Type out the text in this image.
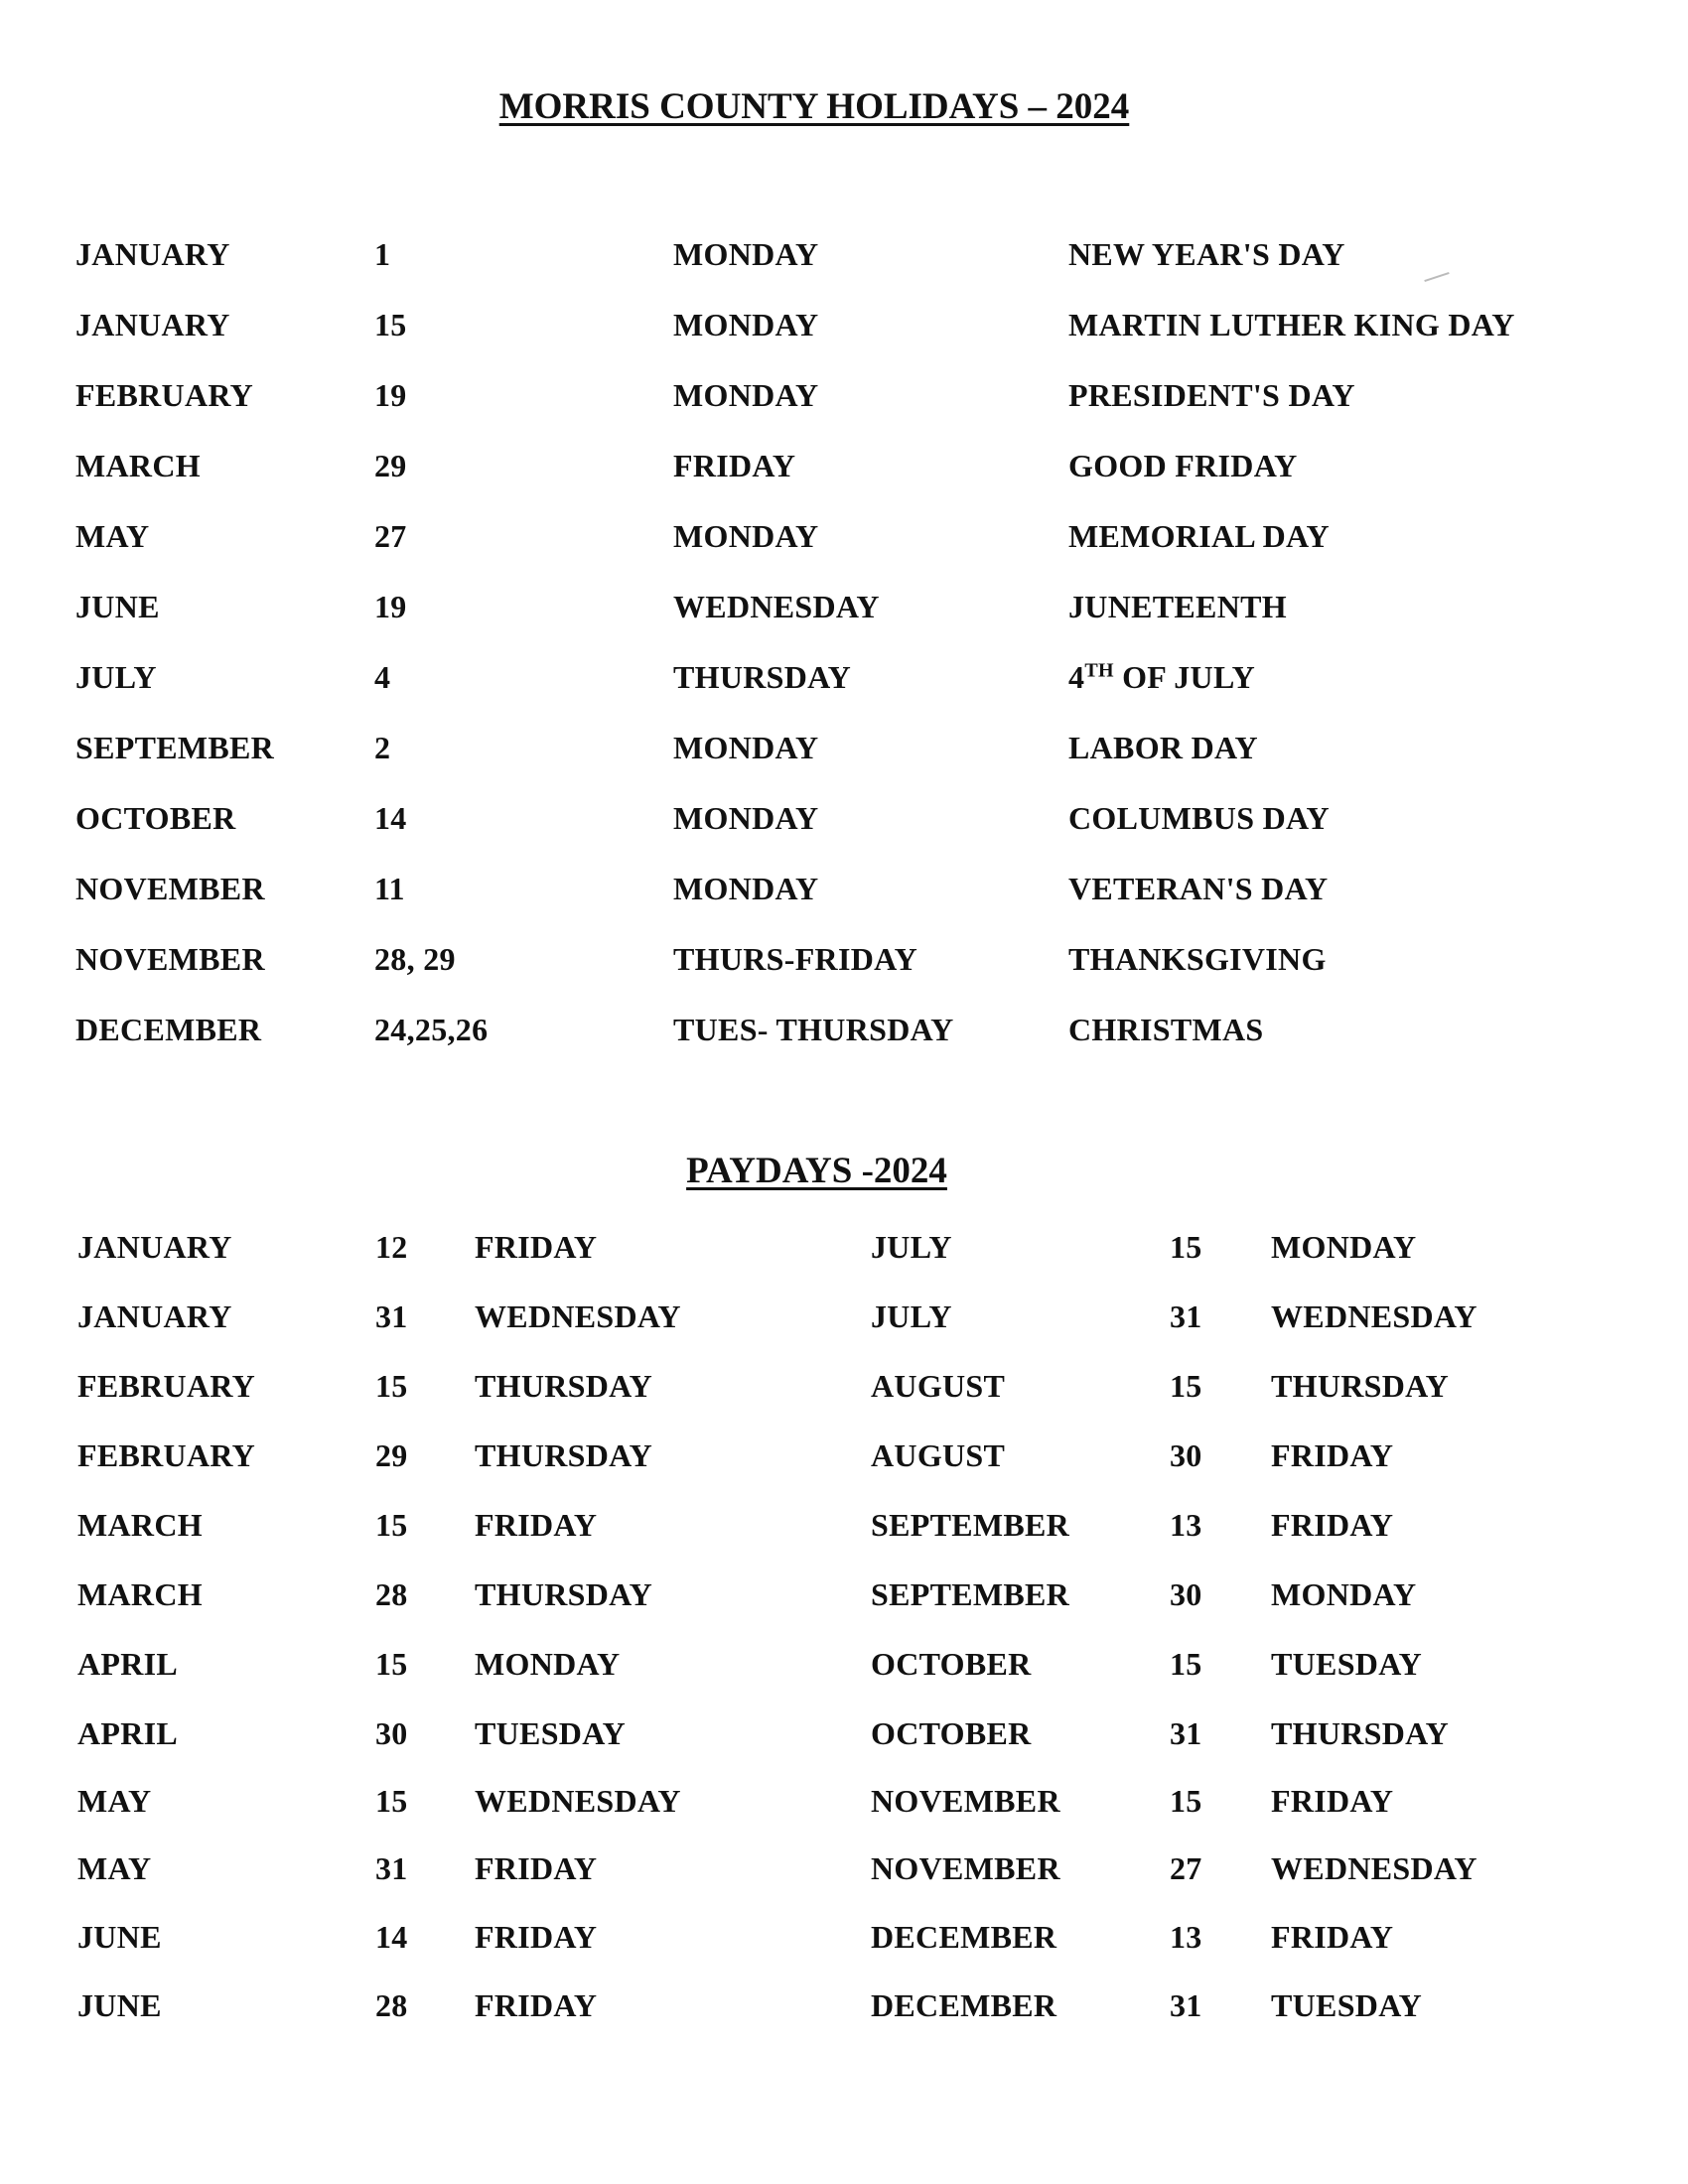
MORRIS COUNTY HOLIDAYS – 2024
JANUARY	1	MONDAY	NEW YEAR'S DAY
JANUARY	15	MONDAY	MARTIN LUTHER KING DAY
FEBRUARY	19	MONDAY	PRESIDENT'S DAY
MARCH	29	FRIDAY	GOOD FRIDAY
MAY	27	MONDAY	MEMORIAL DAY
JUNE	19	WEDNESDAY	JUNETEENTH
JULY	4	THURSDAY	4TH OF JULY
SEPTEMBER	2	MONDAY	LABOR DAY
OCTOBER	14	MONDAY	COLUMBUS DAY
NOVEMBER	11	MONDAY	VETERAN'S DAY
NOVEMBER	28, 29	THURS-FRIDAY	THANKSGIVING
DECEMBER	24,25,26	TUES- THURSDAY	CHRISTMAS
PAYDAYS -2024
JANUARY	12 FRIDAY	JULY	15 MONDAY
JANUARY	31 WEDNESDAY	JULY	31 WEDNESDAY
FEBRUARY	15 THURSDAY	AUGUST	15 THURSDAY
FEBRUARY	29 THURSDAY	AUGUST	30 FRIDAY
MARCH	15 FRIDAY	SEPTEMBER	13 FRIDAY
MARCH	28 THURSDAY	SEPTEMBER	30 MONDAY
APRIL	15 MONDAY	OCTOBER	15 TUESDAY
APRIL	30 TUESDAY	OCTOBER	31 THURSDAY
MAY	15 WEDNESDAY	NOVEMBER	15 FRIDAY
MAY	31 FRIDAY	NOVEMBER	27 WEDNESDAY
JUNE	14 FRIDAY	DECEMBER	13 FRIDAY
JUNE	28 FRIDAY	DECEMBER	31 TUESDAY
